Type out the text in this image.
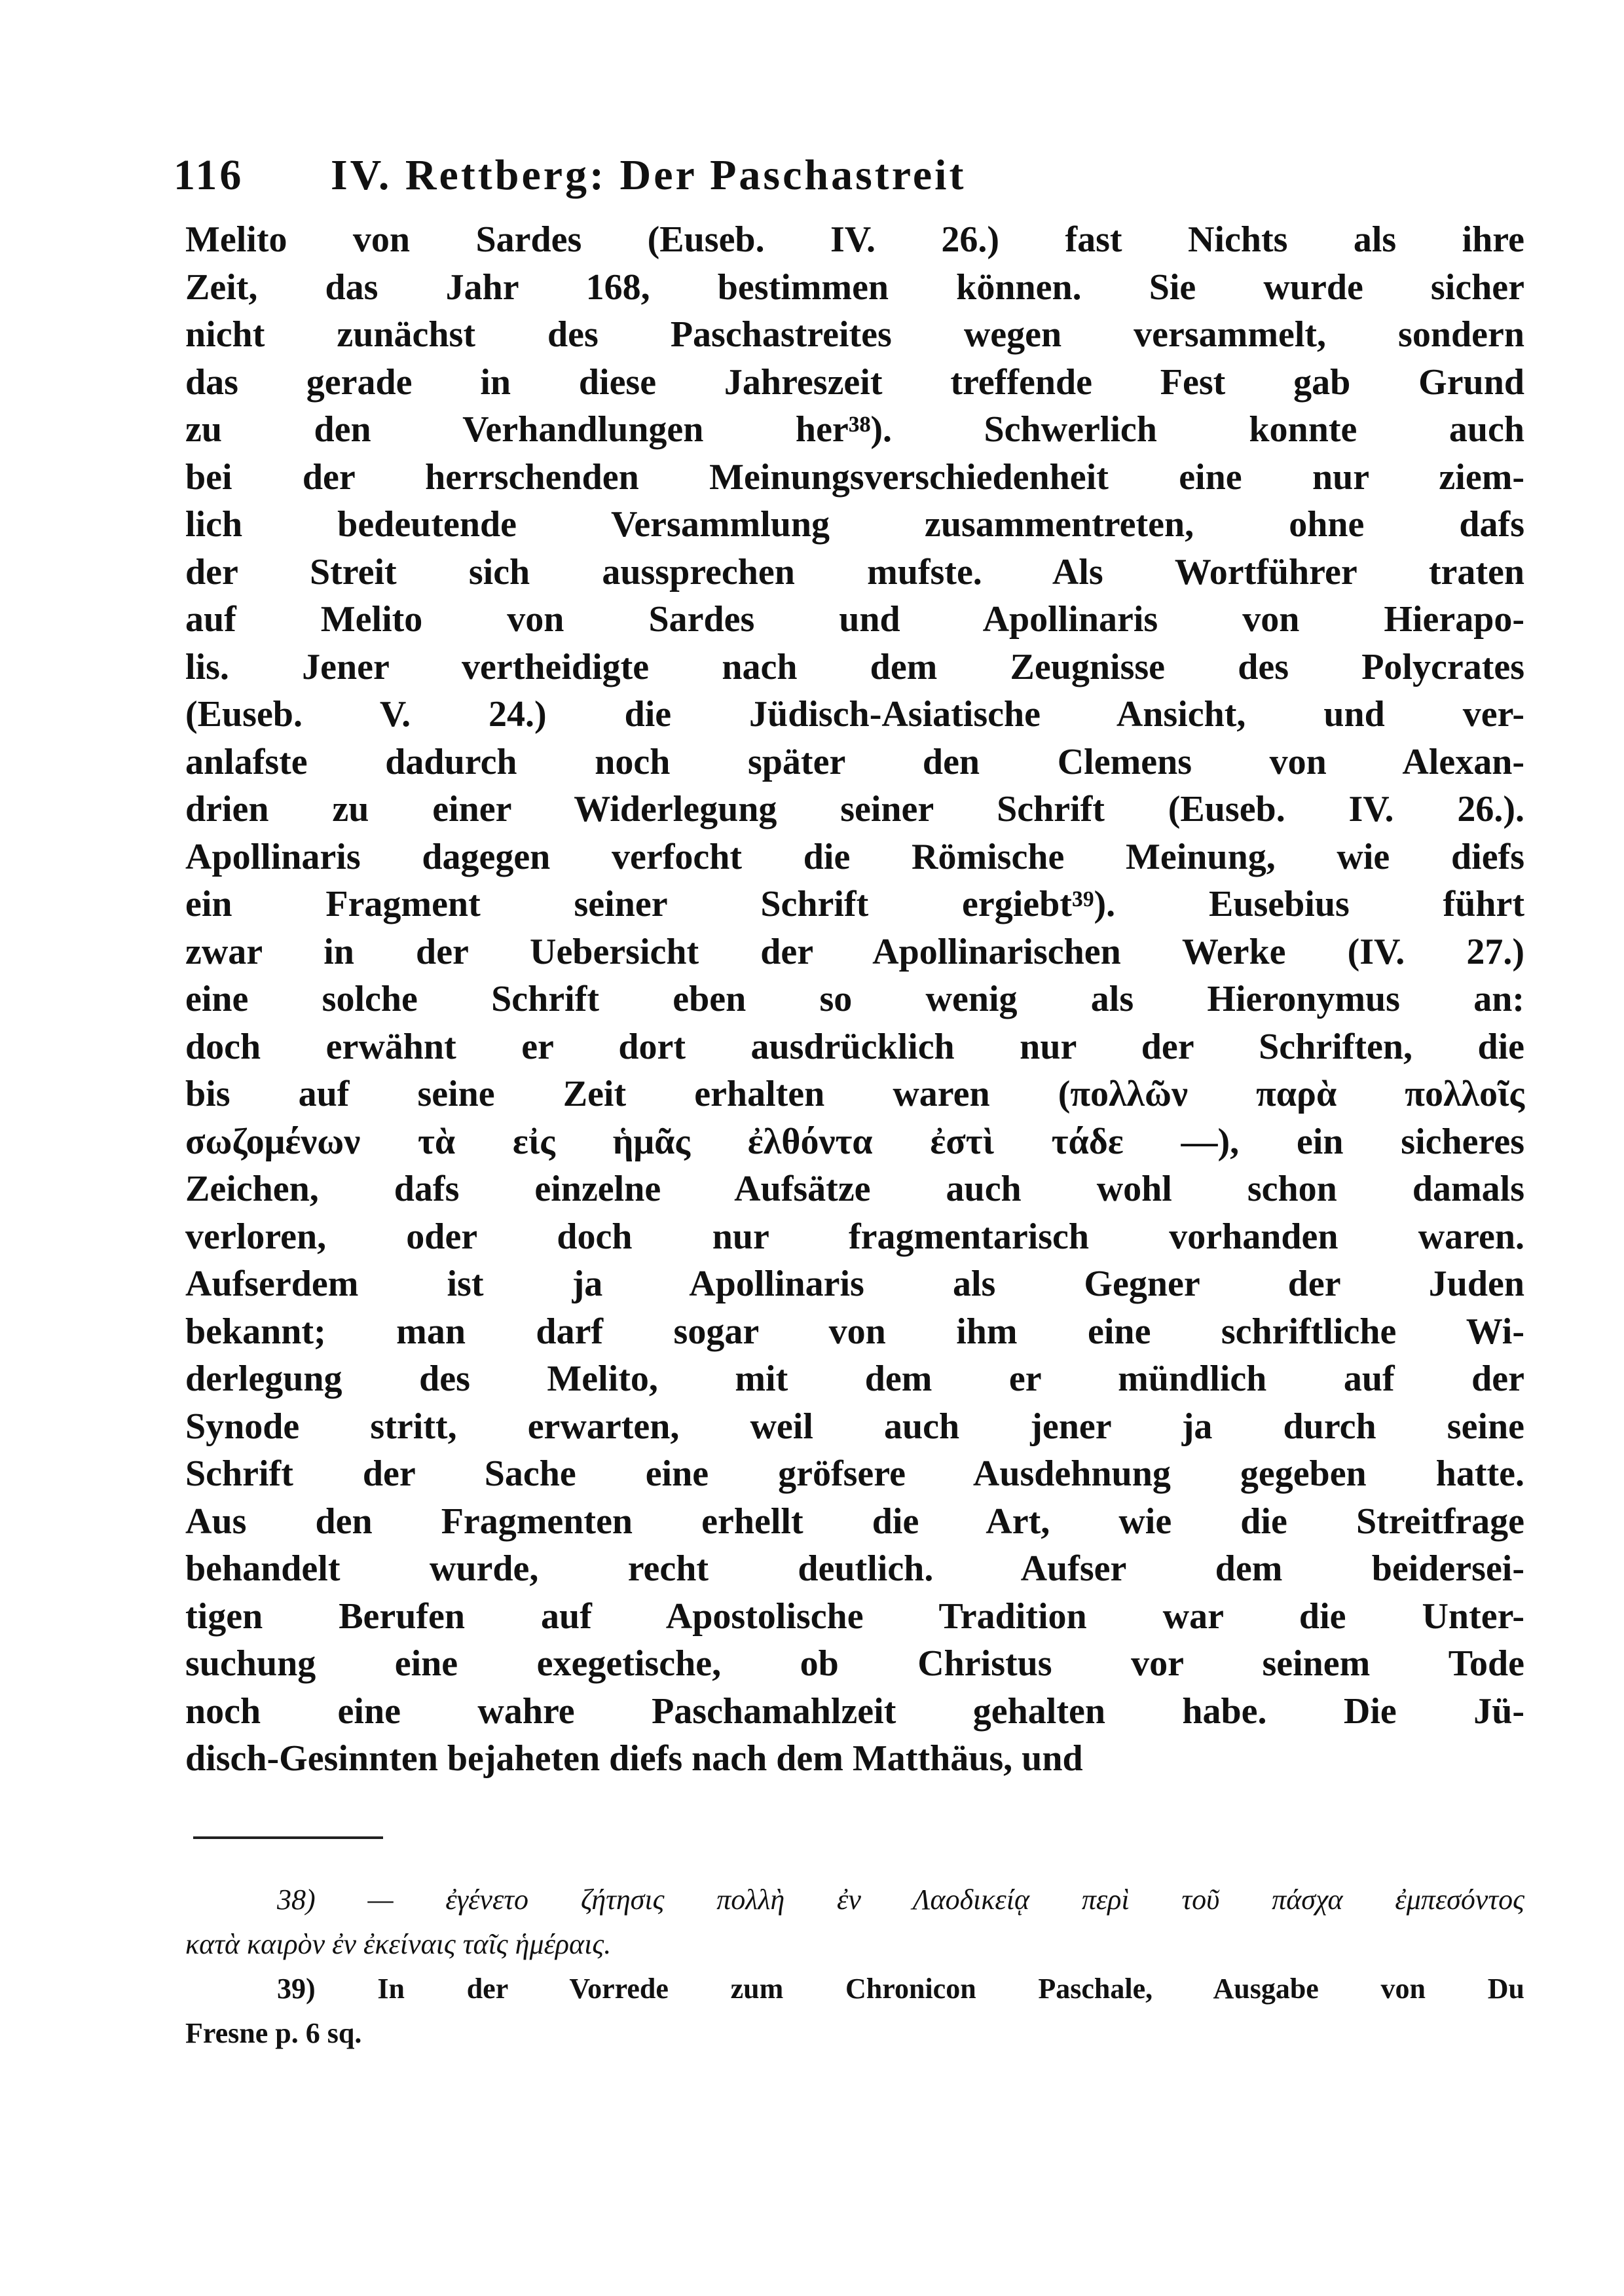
116 IV. Rettberg: Der Paschastreit
Melito von Sardes (Euseb. IV. 26.) fast Nichts als ihre
Zeit, das Jahr 168, bestimmen können. Sie wurde sicher
nicht zunächst des Paschastreites wegen versammelt, sondern
das gerade in diese Jahreszeit treffende Fest gab Grund
zu den Verhandlungen her³⁸). Schwerlich konnte auch
bei der herrschenden Meinungsverschiedenheit eine nur ziem-
lich bedeutende Versammlung zusammentreten, ohne dafs
der Streit sich aussprechen mufste. Als Wortführer traten
auf Melito von Sardes und Apollinaris von Hierapo-
lis. Jener vertheidigte nach dem Zeugnisse des Polycrates
(Euseb. V. 24.) die Jüdisch-Asiatische Ansicht, und ver-
anlafste dadurch noch später den Clemens von Alexan-
drien zu einer Widerlegung seiner Schrift (Euseb. IV. 26.).
Apollinaris dagegen verfocht die Römische Meinung, wie diefs
ein Fragment seiner Schrift ergiebt³⁹). Eusebius führt
zwar in der Uebersicht der Apollinarischen Werke (IV. 27.)
eine solche Schrift eben so wenig als Hieronymus an:
doch erwähnt er dort ausdrücklich nur der Schriften, die
bis auf seine Zeit erhalten waren (πολλῶν παρὰ πολλοῖς
σωζομένων τὰ εἰς ἡμᾶς ἐλθόντα ἐστὶ τάδε —), ein sicheres
Zeichen, dafs einzelne Aufsätze auch wohl schon damals
verloren, oder doch nur fragmentarisch vorhanden waren.
Aufserdem ist ja Apollinaris als Gegner der Juden
bekannt; man darf sogar von ihm eine schriftliche Wi-
derlegung des Melito, mit dem er mündlich auf der
Synode stritt, erwarten, weil auch jener ja durch seine
Schrift der Sache eine gröfsere Ausdehnung gegeben hatte.
Aus den Fragmenten erhellt die Art, wie die Streitfrage
behandelt wurde, recht deutlich. Aufser dem beidersei-
tigen Berufen auf Apostolische Tradition war die Unter-
suchung eine exegetische, ob Christus vor seinem Tode
noch eine wahre Paschamahlzeit gehalten habe. Die Jü-
disch-Gesinnten bejaheten diefs nach dem Matthäus, und
38) — ἐγένετο ζήτησις πολλὴ ἐν Λαοδικείᾳ περὶ τοῦ πάσχα ἐμπεσόντος
κατὰ καιρὸν ἐν ἐκείναις ταῖς ἡμέραις.
39) In der Vorrede zum Chronicon Paschale, Ausgabe von Du
Fresne p. 6 sq.
